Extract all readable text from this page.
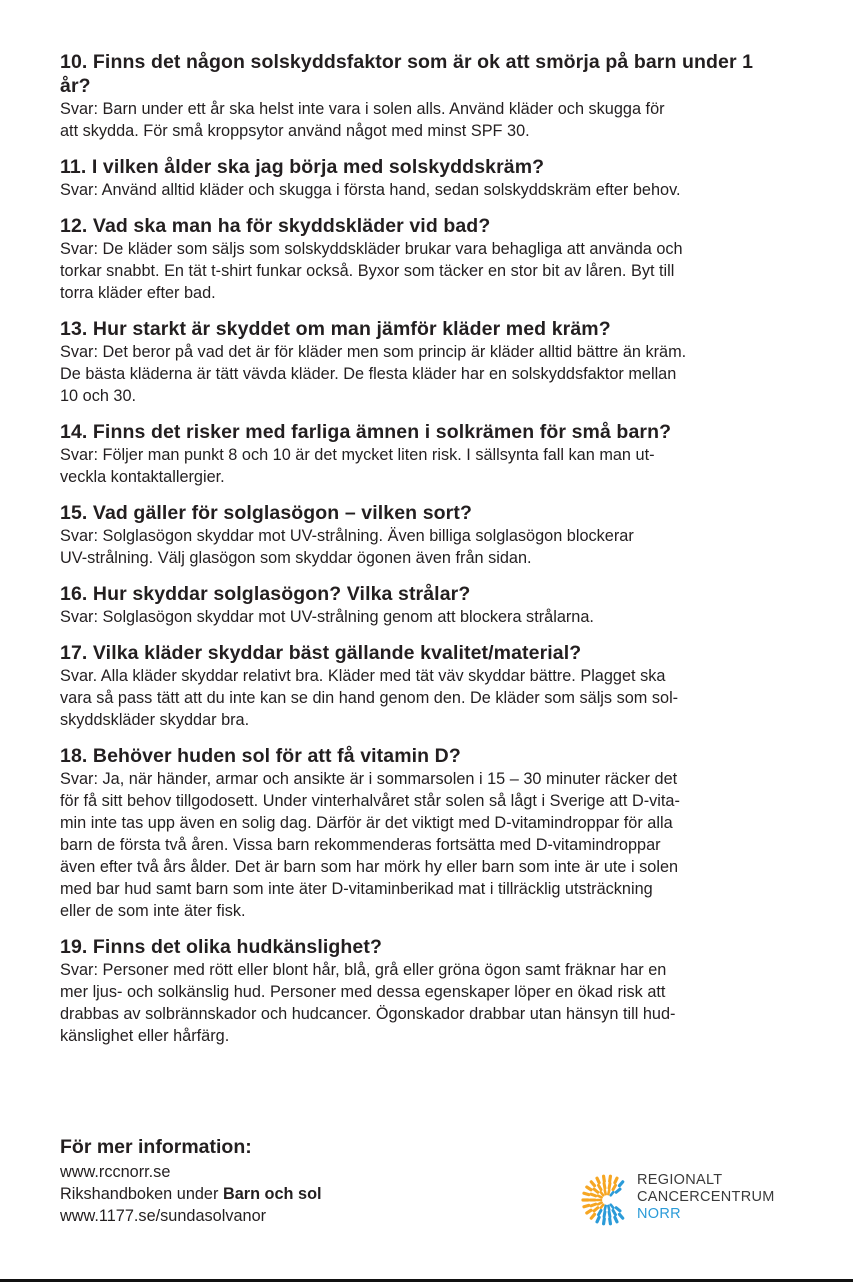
10. Finns det någon solskyddsfaktor som är ok att smörja på barn under 1 år?

Svar: Barn under ett år ska helst inte vara i solen alls. Använd kläder och skugga för
att skydda. För små kroppsytor använd något med minst SPF 30.

11. I vilken ålder ska jag börja med solskyddskräm?

Svar: Använd alltid kläder och skugga i första hand, sedan solskyddskräm efter behov.

12. Vad ska man ha för skyddskläder vid bad?

Svar: De kläder som säljs som solskyddskläder brukar vara behagliga att använda och
torkar snabbt. En tät t-shirt funkar också. Byxor som täcker en stor bit av låren. Byt till
torra kläder efter bad.

13. Hur starkt är skyddet om man jämför kläder med kräm?

Svar: Det beror på vad det är för kläder men som princip är kläder alltid bättre än kräm.
De bästa kläderna är tätt vävda kläder. De flesta kläder har en solskyddsfaktor mellan
10 och 30.

14. Finns det risker med farliga ämnen i solkrämen för små barn?

Svar: Följer man punkt 8 och 10 är det mycket liten risk. I sällsynta fall kan man ut-
veckla kontaktallergier.

15. Vad gäller för solglasögon – vilken sort?

Svar: Solglasögon skyddar mot UV-strålning. Även billiga solglasögon blockerar
UV-strålning. Välj glasögon som skyddar ögonen även från sidan.

16. Hur skyddar solglasögon? Vilka strålar?

Svar: Solglasögon skyddar mot UV-strålning genom att blockera strålarna.

17. Vilka kläder skyddar bäst gällande kvalitet/material?

Svar. Alla kläder skyddar relativt bra. Kläder med tät väv skyddar bättre. Plagget ska
vara så pass tätt att du inte kan se din hand genom den. De kläder som säljs som sol-
skyddskläder skyddar bra.

18. Behöver huden sol för att få vitamin D?

Svar: Ja, när händer, armar och ansikte är i sommarsolen i 15 – 30 minuter räcker det
för få sitt behov tillgodosett. Under vinterhalvåret står solen så lågt i Sverige att D-vita-
min inte tas upp även en solig dag. Därför är det viktigt med D-vitamindroppar för alla
barn de första två åren. Vissa barn rekommenderas fortsätta med D-vitamindroppar
även efter två års ålder. Det är barn som har mörk hy eller barn som inte är ute i solen
med bar hud samt barn som inte äter D-vitaminberikad mat i tillräcklig utsträckning
eller de som inte äter fisk.

19. Finns det olika hudkänslighet?

Svar: Personer med rött eller blont hår, blå, grå eller gröna ögon samt fräknar har en
mer ljus- och solkänslig hud. Personer med dessa egenskaper löper en ökad risk att
drabbas av solbrännskador och hudcancer. Ögonskador drabbar utan hänsyn till hud-
känslighet eller hårfärg.

För mer information:

www.rccnorr.se

Rikshandboken under Barn och sol

www.1177.se/sundasolvanor

REGIONALT
CANCERCENTRUM
NORR
